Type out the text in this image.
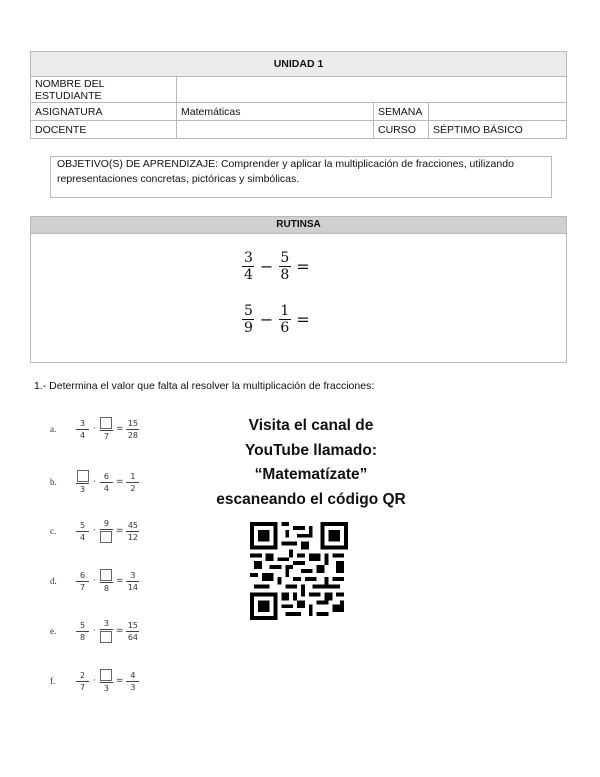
UNIDAD 1			
NOMBRE DEL ESTUDIANTE			
ASIGNATURA	Matemáticas	SEMANA	
DOCENTE		CURSO	SÉPTIMO BÁSICO
OBJETIVO(S) DE APRENDIZAJE: Comprender y aplicar la multiplicación de fracciones, utilizando representaciones concretas, pictóricas y simbólicas.
RUTINSA
$\frac{3}{4} - \frac{5}{8}$ =
$\frac{5}{9} - \frac{1}{6}$ =
1.- Determina el valor que falta al resolver la multiplicación de fracciones:
a.
3
4
·
7
=
15
28
b.
3
·
6
4
=
1
2
c.
5
4
·
9
=
45
12
d.
6
7
·
8
=
3
14
e.
5
8
·
3
=
15
64
f.
2
7
·
3
=
4
3
Visita el canal de
YouTube llamado:
“Matematízate”
escaneando el código QR
